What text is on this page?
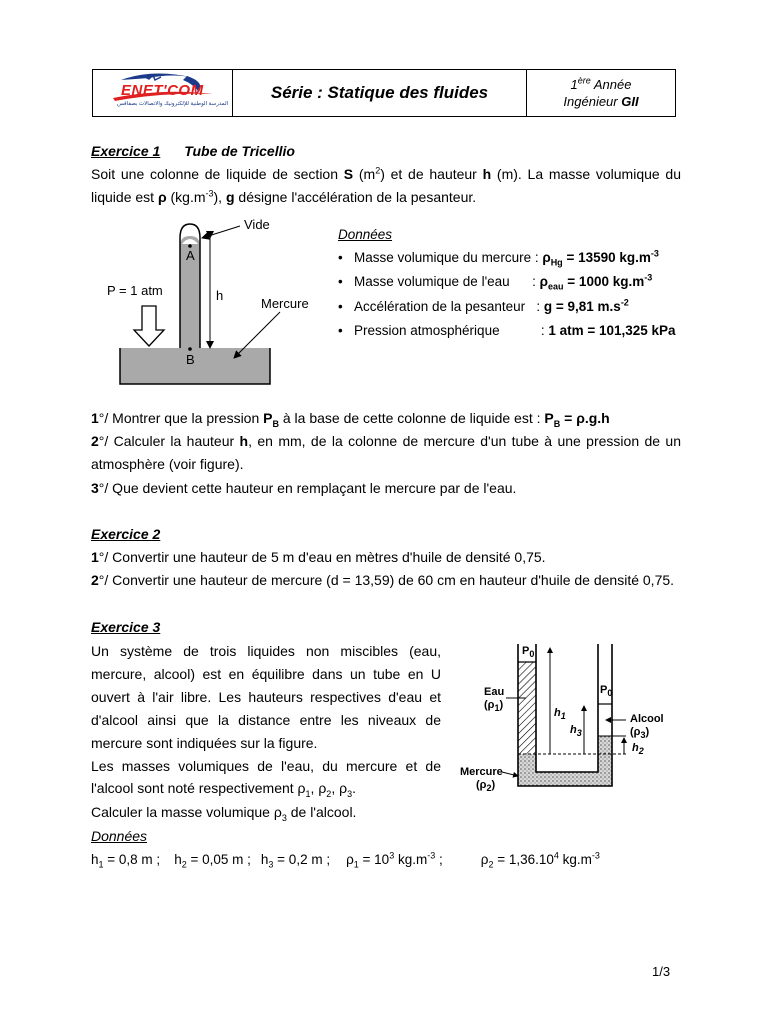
ENET'COM
المدرسة الوطنية للإلكترونيك والاتصالات بصفاقس
Série : Statique des fluides	1ère Année
Ingénieur GII
Exercice 1 Tube de Tricellio
Soit une colonne de liquide de section S $(m^2)$ et de hauteur h (m). La masse volumique du
liquide est ρ $(kg.m^{-3})$, g désigne l'accélération de la pesanteur.
Vide
A
h
P = 1 atm
Mercure
B
Données
• Masse volumique du mercure : $\rho_{Hg} = 13590$ $kg.m^{-3}$
• Masse volumique de l'eau      : $\rho_{eau} = 1000$ $kg.m^{-3}$
• Accélération de la pesanteur   : g = 9,81 $m.s^{-2}$
• Pression atmosphérique           : 1 atm = 101,325 kPa
1°/ Montrer que la pression $P_B$ à la base de cette colonne de liquide est : $P_B = \rho.g.h$
2°/ Calculer la hauteur h, en mm, de la colonne de mercure d'un tube à une pression de un
atmosphère (voir figure).
3°/ Que devient cette hauteur en remplaçant le mercure par de l'eau.
Exercice 2
1°/ Convertir une hauteur de 5 m d'eau en mètres d'huile de densité 0,75.
2°/ Convertir une hauteur de mercure (d = 13,59) de 60 cm en hauteur d'huile de densité 0,75.
Exercice 3
Un système de trois liquides non miscibles (eau,
mercure, alcool) est en équilibre dans un tube en U
ouvert à l'air libre. Les hauteurs respectives d'eau et
d'alcool ainsi que la distance entre les niveaux de
mercure sont indiquées sur la figure.
Les masses volumiques de l'eau, du mercure et de
l'alcool sont noté respectivement $\rho_1$, $\rho_2$, $\rho_3$.
Calculer la masse volumique $\rho_3$ de l'alcool.
Données
$h_1 = 0,8$ m ; $h_2 = 0,05$ m ; $h_3 = 0,2$ m ; $\rho_1 = 10^3$ $kg.m^{-3}$ ;	$\rho_2 = 1,36.10^4$ $kg.m^{-3}$
$P_0$
$P_0$
Eau
$(\rho_1)$
$h_1$
$h_3$
Alcool
$(\rho_3)$
$h_2$
Mercure
$(\rho_2)$
1/3
